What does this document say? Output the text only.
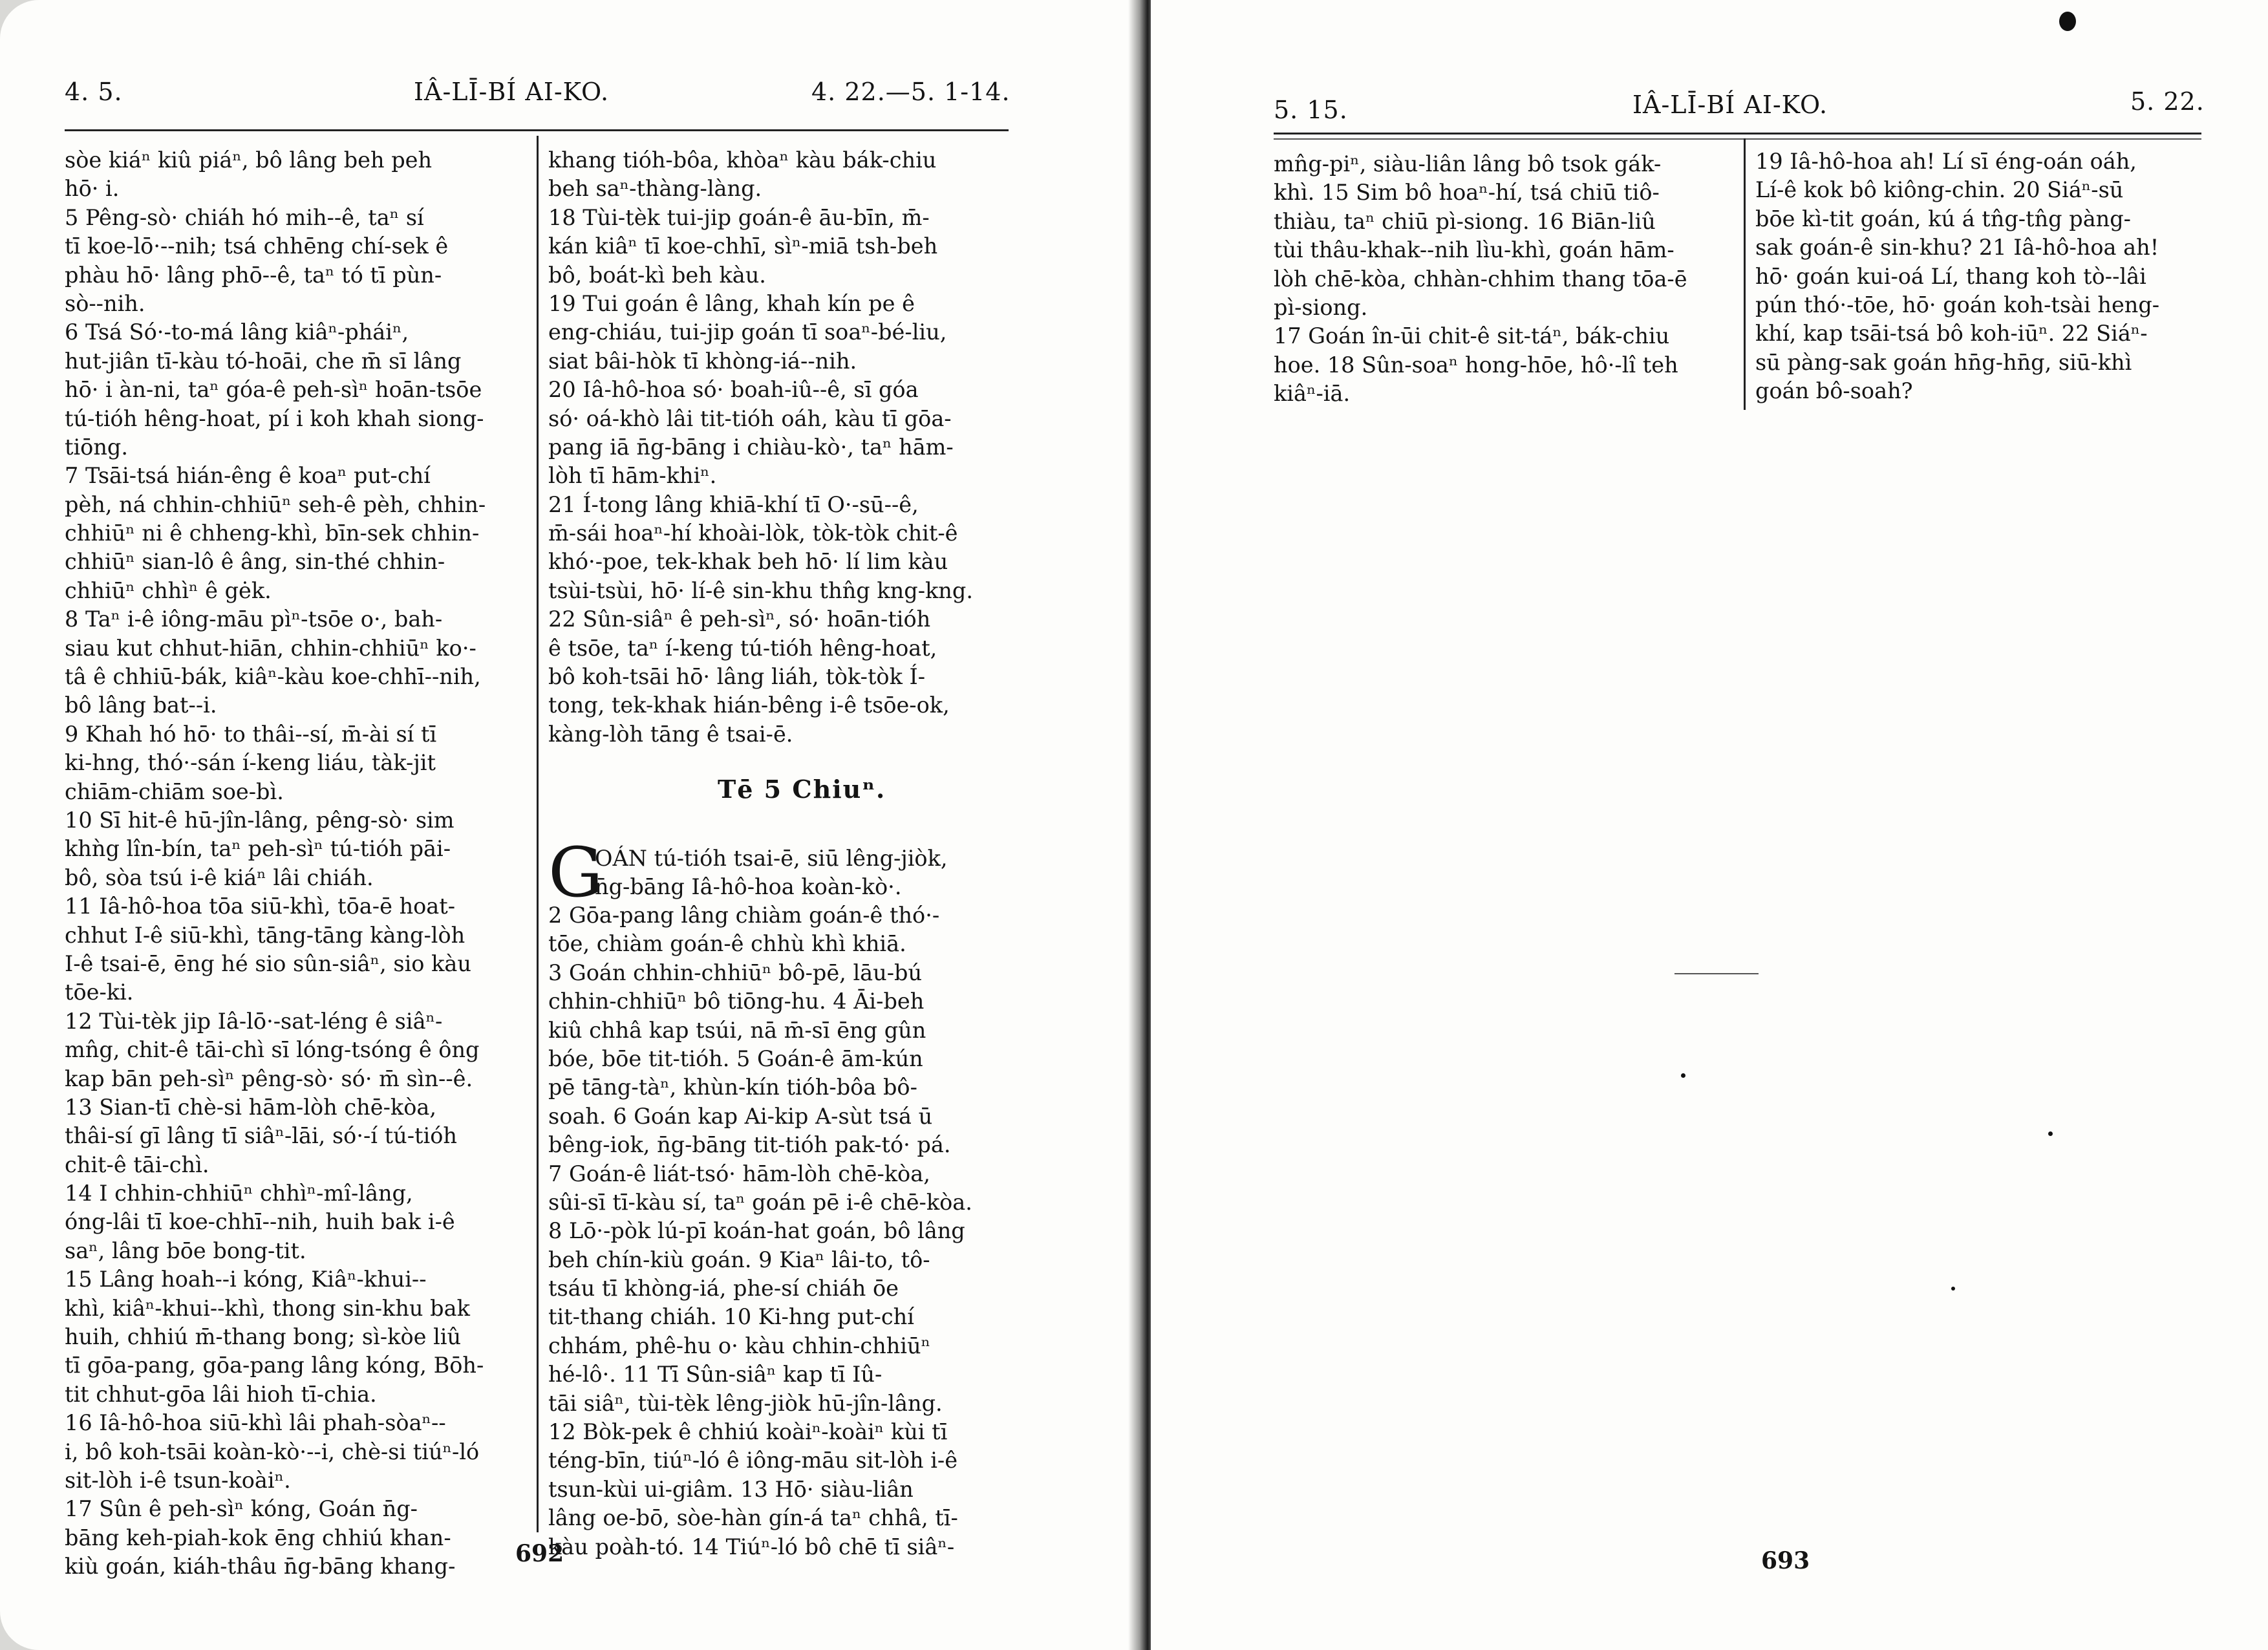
4. 5.	IÂ-LĪ-BÍ AI-KO.	4. 22.—5. 1-14.
sòe kiáⁿ kiû piáⁿ, bô lâng beh peh
hō· i.
5 Pêng-sò· chiáh hó mih--ê, taⁿ sí
tī koe-lō·--nih; tsá chhēng chí-sek ê
phàu hō· lâng phō--ê, taⁿ tó tī pùn-
sò--nih.
6 Tsá Só·-to-má lâng kiâⁿ-pháiⁿ,
hut-jiân tī-kàu tó-hoāi, che m̄ sī lâng
hō· i àn-ni, taⁿ góa-ê peh-sìⁿ hoān-tsōe
tú-tióh hêng-hoat, pí i koh khah siong-
tiōng.
7 Tsāi-tsá hián-êng ê koaⁿ put-chí
pèh, ná chhin-chhiūⁿ seh-ê pèh, chhin-
chhiūⁿ ni ê chheng-khì, bīn-sek chhin-
chhiūⁿ sian-lô ê âng, sin-thé chhin-
chhiūⁿ chhìⁿ ê gėk.
8 Taⁿ i-ê iông-māu pìⁿ-tsōe o·, bah-
siau kut chhut-hiān, chhin-chhiūⁿ ko·-
tâ ê chhiū-bák, kiâⁿ-kàu koe-chhī--nih,
bô lâng bat--i.
9 Khah hó hō· to thâi--sí, m̄-ài sí tī
ki-hng, thó·-sán í-keng liáu, tàk-jit
chiām-chiām soe-bì.
10 Sī hit-ê hū-jîn-lâng, pêng-sò· sim
khǹg lîn-bín, taⁿ peh-sìⁿ tú-tióh pāi-
bô, sòa tsú i-ê kiáⁿ lâi chiáh.
11 Iâ-hô-hoa tōa siū-khì, tōa-ē hoat-
chhut I-ê siū-khì, tāng-tāng kàng-lòh
I-ê tsai-ē, ēng hé sio sûn-siâⁿ, sio kàu
tōe-ki.
12 Tùi-tèk jip Iâ-lō·-sat-léng ê siâⁿ-
mn̂g, chit-ê tāi-chì sī lóng-tsóng ê ông
kap bān peh-sìⁿ pêng-sò· só· m̄ sìn--ê.
13 Sian-tī chè-si hām-lòh chē-kòa,
thâi-sí gī lâng tī siâⁿ-lāi, só·-í tú-tióh
chit-ê tāi-chì.
14 I chhin-chhiūⁿ chhìⁿ-mî-lâng,
óng-lâi tī koe-chhī--nih, huih bak i-ê
saⁿ, lâng bōe bong-tit.
15 Lâng hoah--i kóng, Kiâⁿ-khui--
khì, kiâⁿ-khui--khì, thong sin-khu bak
huih, chhiú m̄-thang bong; sì-kòe liû
tī gōa-pang, gōa-pang lâng kóng, Bōh-
tit chhut-gōa lâi hioh tī-chia.
16 Iâ-hô-hoa siū-khì lâi phah-sòaⁿ--
i, bô koh-tsāi koàn-kò·--i, chè-si tiúⁿ-ló
sit-lòh i-ê tsun-koàiⁿ.
17 Sûn ê peh-sìⁿ kóng, Goán n̄g-
bāng keh-piah-kok ēng chhiú khan-
kiù goán, kiáh-thâu n̄g-bāng khang-
khang tióh-bôa, khòaⁿ kàu bák-chiu
beh saⁿ-thàng-làng.
18 Tùi-tèk tui-jip goán-ê āu-bīn, m̄-
kán kiâⁿ tī koe-chhī, sìⁿ-miā tsh-beh
bô, boát-kì beh kàu.
19 Tui goán ê lâng, khah kín pe ê
eng-chiáu, tui-jip goán tī soaⁿ-bé-liu,
siat bâi-hòk tī khòng-iá--nih.
20 Iâ-hô-hoa só· boah-iû--ê, sī góa
só· oá-khò lâi tit-tióh oáh, kàu tī gōa-
pang iā n̄g-bāng i chiàu-kò·, taⁿ hām-
lòh tī hām-khiⁿ.
21 Í-tong lâng khiā-khí tī O·-sū--ê,
m̄-sái hoaⁿ-hí khoài-lòk, tòk-tòk chit-ê
khó·-poe, tek-khak beh hō· lí lim kàu
tsùi-tsùi, hō· lí-ê sin-khu thn̂g kng-kng.
22 Sûn-siâⁿ ê peh-sìⁿ, só· hoān-tióh
ê tsōe, taⁿ í-keng tú-tióh hêng-hoat,
bô koh-tsāi hō· lâng liáh, tòk-tòk Í-
tong, tek-khak hián-bêng i-ê tsōe-ok,
kàng-lòh tāng ê tsai-ē.
Tē 5 Chiuⁿ.
G
OÁN tú-tióh tsai-ē, siū lêng-jiòk,
n̄g-bāng Iâ-hô-hoa koàn-kò·.
2 Gōa-pang lâng chiàm goán-ê thó·-
tōe, chiàm goán-ê chhù khì khiā.
3 Goán chhin-chhiūⁿ bô-pē, lāu-bú
chhin-chhiūⁿ bô tiōng-hu. 4 Āi-beh
kiû chhâ kap tsúi, nā m̄-sī ēng gûn
bóe, bōe tit-tióh. 5 Goán-ê ām-kún
pē tāng-tàⁿ, khùn-kín tióh-bôa bô-
soah. 6 Goán kap Ai-kip A-sùt tsá ū
bêng-iok, n̄g-bāng tit-tióh pak-tó· pá.
7 Goán-ê liát-tsó· hām-lòh chē-kòa,
sûi-sī tī-kàu sí, taⁿ goán pē i-ê chē-kòa.
8 Lō·-pòk lú-pī koán-hat goán, bô lâng
beh chín-kiù goán. 9 Kiaⁿ lâi-to, tô-
tsáu tī khòng-iá, phe-sí chiáh ōe
tit-thang chiáh. 10 Ki-hng put-chí
chhám, phê-hu o· kàu chhin-chhiūⁿ
hé-lô·. 11 Tī Sûn-siâⁿ kap tī Iû-
tāi siâⁿ, tùi-tèk lêng-jiòk hū-jîn-lâng.
12 Bòk-pek ê chhiú koàiⁿ-koàiⁿ kùi tī
téng-bīn, tiúⁿ-ló ê iông-māu sit-lòh i-ê
tsun-kùi ui-giâm. 13 Hō· siàu-liân
lâng oe-bō, sòe-hàn gín-á taⁿ chhâ, tī-
kàu poàh-tó. 14 Tiúⁿ-ló bô chē tī siâⁿ-
692
5. 15.	IÂ-LĪ-BÍ AI-KO.	5. 22.
mn̂g-piⁿ, siàu-liân lâng bô tsok gák-
khì. 15 Sim bô hoaⁿ-hí, tsá chiū tiô-
thiàu, taⁿ chiū pì-siong. 16 Biān-liû
tùi thâu-khak--nih lìu-khì, goán hām-
lòh chē-kòa, chhàn-chhim thang tōa-ē
pì-siong.
17 Goán în-ūi chit-ê sit-táⁿ, bák-chiu
hoe. 18 Sûn-soaⁿ hong-hōe, hô·-lî teh
kiâⁿ-iā.
19 Iâ-hô-hoa ah! Lí sī éng-oán oáh,
Lí-ê kok bô kiông-chin. 20 Siáⁿ-sū
bōe kì-tit goán, kú á tn̂g-tn̂g pàng-
sak goán-ê sin-khu? 21 Iâ-hô-hoa ah!
hō· goán kui-oá Lí, thang koh tò--lâi
pún thó·-tōe, hō· goán koh-tsài heng-
khí, kap tsāi-tsá bô koh-iūⁿ. 22 Siáⁿ-
sū pàng-sak goán hn̄g-hn̄g, siū-khì
goán bô-soah?
693
